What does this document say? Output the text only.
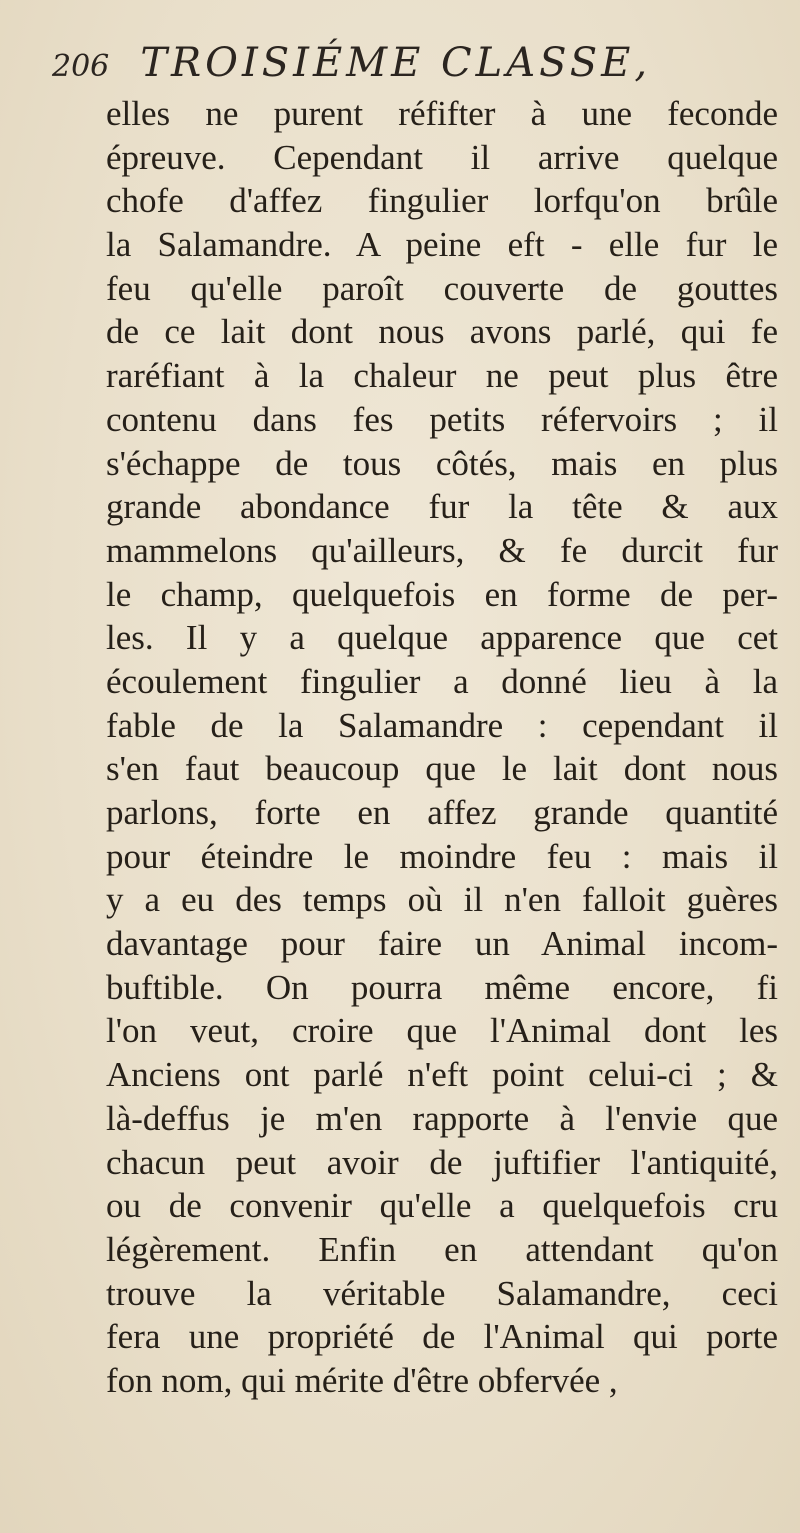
206 TROISIÉME CLASSE,
elles ne purent réfifter à une feconde
épreuve. Cependant il arrive quelque
chofe d'affez fingulier lorfqu'on brûle
la Salamandre. A peine eft - elle fur le
feu qu'elle paroît couverte de gouttes
de ce lait dont nous avons parlé, qui fe
raréfiant à la chaleur ne peut plus être
contenu dans fes petits réfervoirs ; il
s'échappe de tous côtés, mais en plus
grande abondance fur la tête & aux
mammelons qu'ailleurs, & fe durcit fur
le champ, quelquefois en forme de per-
les. Il y a quelque apparence que cet
écoulement fingulier a donné lieu à la
fable de la Salamandre : cependant il
s'en faut beaucoup que le lait dont nous
parlons, forte en affez grande quantité
pour éteindre le moindre feu : mais il
y a eu des temps où il n'en falloit guères
davantage pour faire un Animal incom-
buftible. On pourra même encore, fi
l'on veut, croire que l'Animal dont les
Anciens ont parlé n'eft point celui-ci ; &
là-deffus je m'en rapporte à l'envie que
chacun peut avoir de juftifier l'antiquité,
ou de convenir qu'elle a quelquefois cru
légèrement. Enfin en attendant qu'on
trouve la véritable Salamandre, ceci
fera une propriété de l'Animal qui porte
fon nom, qui mérite d'être obfervée ,
